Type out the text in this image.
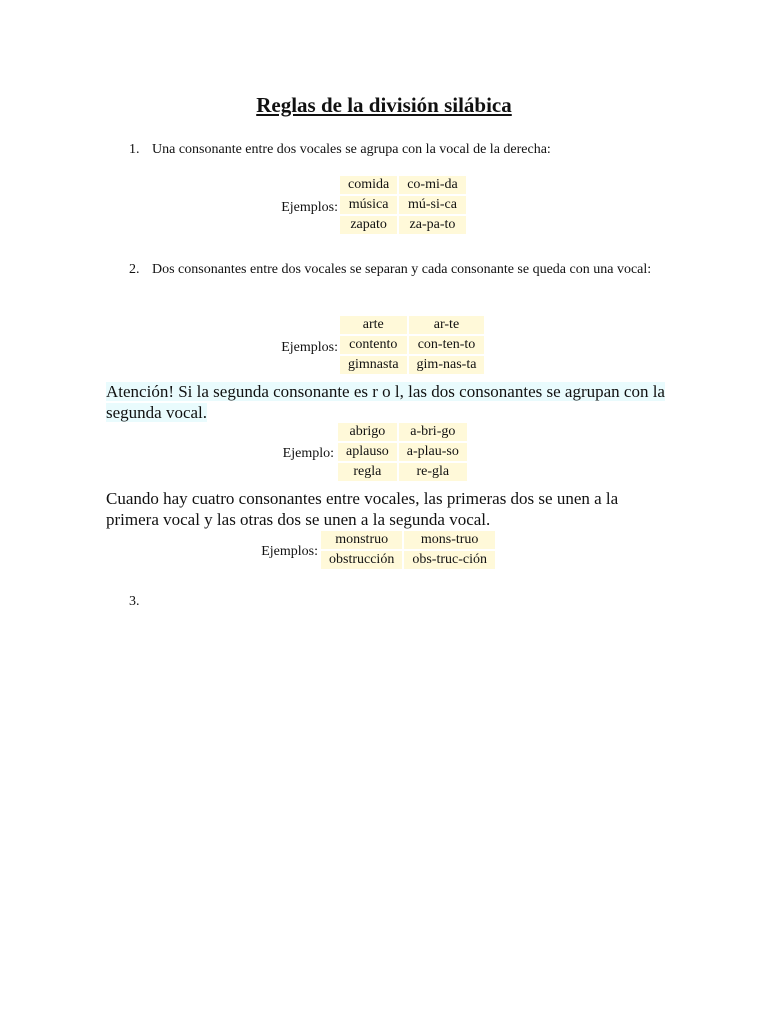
Reglas de la división silábica
1. Una consonante entre dos vocales se agrupa con la vocal de la derecha:
Ejemplos:
comida	co-mi-da
música	mú-si-ca
zapato	za-pa-to
2. Dos consonantes entre dos vocales se separan y cada consonante se queda con una vocal:
Ejemplos:
arte	ar-te
contento	con-ten-to
gimnasta	gim-nas-ta
Atención! Si la segunda consonante es r o l, las dos consonantes se agrupan con la segunda vocal.
Ejemplo:
abrigo	a-bri-go
aplauso	a-plau-so
regla	re-gla
Cuando hay cuatro consonantes entre vocales, las primeras dos se unen a la primera vocal y las otras dos se unen a la segunda vocal.
Ejemplos:
monstruo	mons-truo
obstrucción	obs-truc-ción
3.
